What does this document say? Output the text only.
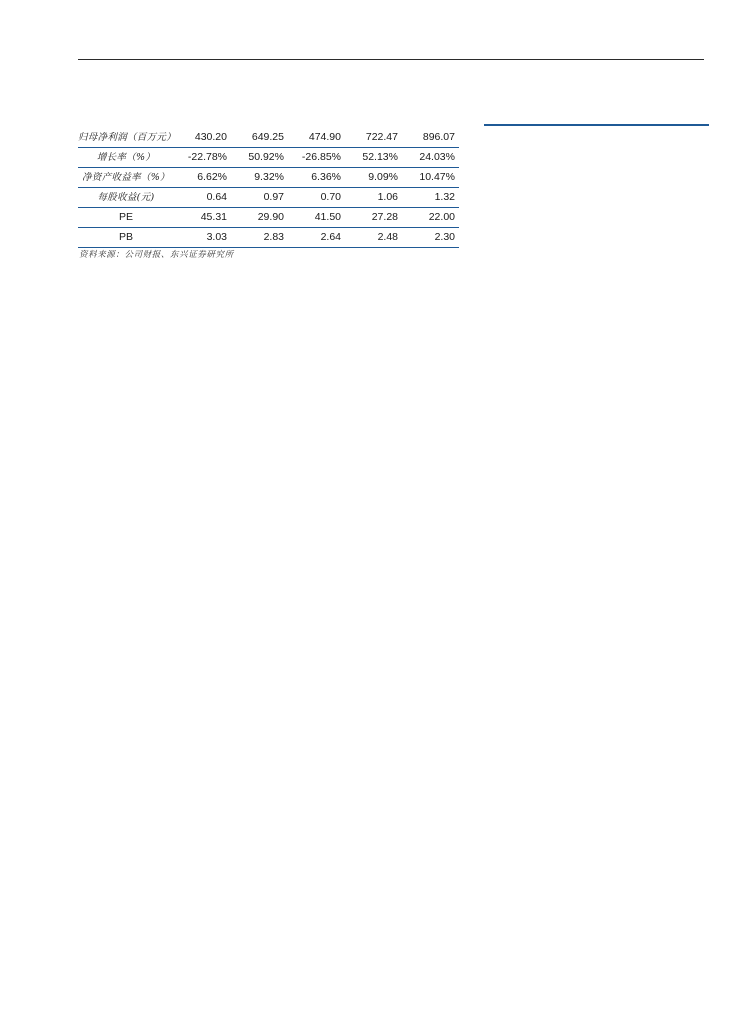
归母净利润（百万元）	430.20	649.25	474.90	722.47	896.07
增长率（%）	-22.78%	50.92%	-26.85%	52.13%	24.03%
净资产收益率（%）	6.62%	9.32%	6.36%	9.09%	10.47%
每股收益(元)	0.64	0.97	0.70	1.06	1.32
PE	45.31	29.90	41.50	27.28	22.00
PB	3.03	2.83	2.64	2.48	2.30
资料来源：公司财报、东兴证券研究所
